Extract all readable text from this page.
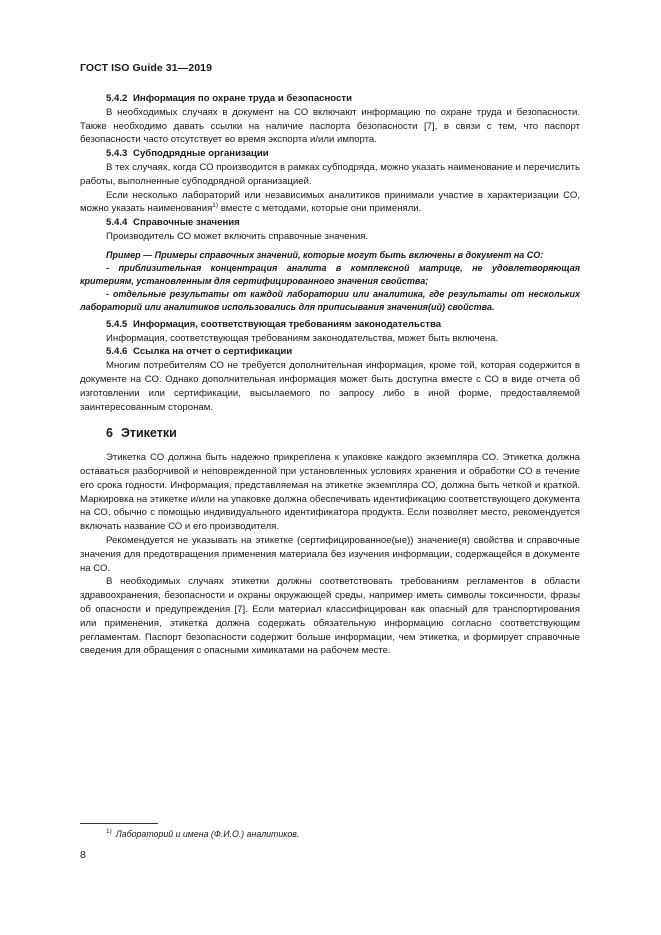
ГОСТ ISO Guide 31—2019

5.4.2 Информация по охране труда и безопасности

В необходимых случаях в документ на СО включают информацию по охране труда и безопасности. Также необходимо давать ссылки на наличие паспорта безопасности [7], в связи с тем, что паспорт безопасности часто отсутствует во время экспорта и/или импорта.

5.4.3 Субподрядные организации

В тех случаях, когда СО производится в рамках субподряда, можно указать наименование и перечислить работы, выполненные субподрядной организацией.

Если несколько лабораторий или независимых аналитиков принимали участие в характеризации СО, можно указать наименования$^{1)}$ вместе с методами, которые они применяли.

5.4.4 Справочные значения

Производитель СО может включить справочные значения.

Пример — Примеры справочных значений, которые могут быть включены в документ на СО:

- приблизительная концентрация аналита в комплексной матрице, не удовлетворяющая критериям, установленным для сертифицированного значения свойства;

- отдельные результаты от каждой лаборатории или аналитика, где результаты от нескольких лабораторий или аналитиков использовались для приписывания значения(ий) свойства.

5.4.5 Информация, соответствующая требованиям законодательства

Информация, соответствующая требованиям законодательства, может быть включена.

5.4.6 Ссылка на отчет о сертификации

Многим потребителям СО не требуется дополнительная информация, кроме той, которая содержится в документе на СО. Однако дополнительная информация может быть доступна вместе с СО в виде отчета об изготовлении или сертификации, высылаемого по запросу либо в иной форме, предоставляемой заинтересованным сторонам.

6 Этикетки

Этикетка СО должна быть надежно прикреплена к упаковке каждого экземпляра СО. Этикетка должна оставаться разборчивой и неповрежденной при установленных условиях хранения и обработки СО в течение его срока годности. Информация, представляемая на этикетке экземпляра СО, должна быть четкой и краткой. Маркировка на этикетке и/или на упаковке должна обеспечивать идентификацию соответствующего документа на СО, обычно с помощью индивидуального идентификатора продукта. Если позволяет место, рекомендуется включать название СО и его производителя.

Рекомендуется не указывать на этикетке (сертифицированное(ые)) значение(я) свойства и справочные значения для предотвращения применения материала без изучения информации, содержащейся в документе на СО.

В необходимых случаях этикетки должны соответствовать требованиям регламентов в области здравоохранения, безопасности и охраны окружающей среды, например иметь символы токсичности, фразы об опасности и предупреждения [7]. Если материал классифицирован как опасный для транспортирования или применения, этикетка должна содержать обязательную информацию согласно соответствующим регламентам. Паспорт безопасности содержит больше информации, чем этикетка, и формирует справочные сведения для обращения с опасными химикатами на рабочем месте.

$^{1)}$ Лабораторий и имена (Ф.И.О.) аналитиков.
8
